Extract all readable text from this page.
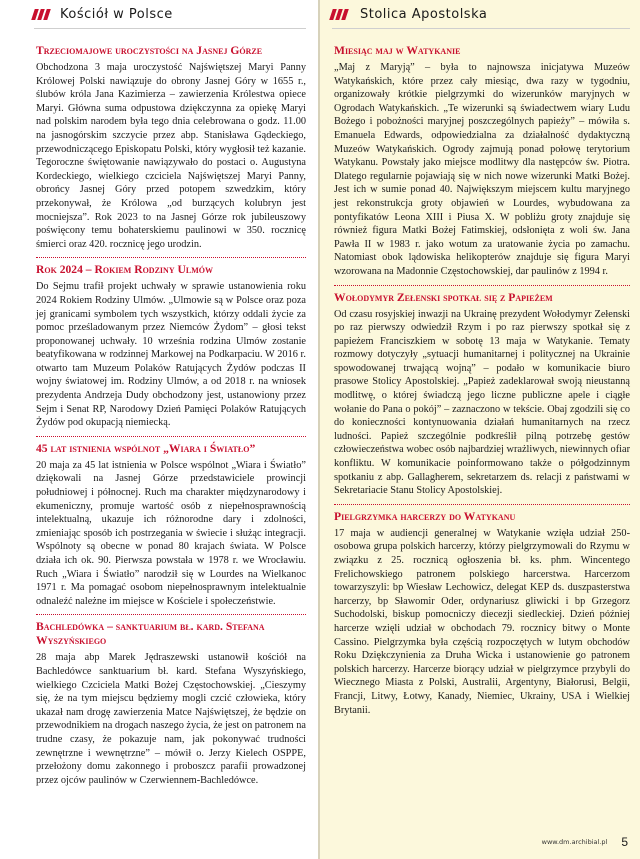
Kościół w Polsce
Trzeciomajowe uroczystości na Jasnej Górze
Obchodzona 3 maja uroczystość Najświętszej Maryi Panny Królowej Polski nawiązuje do obrony Jasnej Góry w 1655 r., ślubów króla Jana Kazimierza – zawierzenia Królestwa opiece Maryi. Główna suma odpustowa dziękczynna za opiekę Maryi nad polskim narodem była tego dnia celebrowana o godz. 11.00 na jasnogórskim szczycie przez abp. Stanisława Gądeckiego, przewodniczącego Episkopatu Polski, który wygłosił też kazanie. Tegoroczne świętowanie nawiązywało do postaci o. Augustyna Kordeckiego, wielkiego czciciela Najświętszej Maryi Panny, obrońcy Jasnej Góry przed potopem szwedzkim, który przekonywał, że Królowa „od burzących kolubryn jest mocniejsza”. Rok 2023 to na Jasnej Górze rok jubileuszowy poświęcony temu bohaterskiemu paulinowi w 350. rocznicę śmierci oraz 420. rocznicę jego urodzin.
Rok 2024 – Rokiem Rodziny Ulmów
Do Sejmu trafił projekt uchwały w sprawie ustanowienia roku 2024 Rokiem Rodziny Ulmów. „Ulmowie są w Polsce oraz poza jej granicami symbolem tych wszystkich, którzy oddali życie za pomoc prześladowanym przez Niemców Żydom” – głosi tekst proponowanej uchwały. 10 września rodzina Ulmów zostanie beatyfikowana w rodzinnej Markowej na Podkarpaciu. W 2016 r. otwarto tam Muzeum Polaków Ratujących Żydów podczas II wojny światowej im. Rodziny Ulmów, a od 2018 r. na wniosek prezydenta Andrzeja Dudy obchodzony jest, ustanowiony przez Sejm i Senat RP, Narodowy Dzień Pamięci Polaków Ratujących Żydów pod okupacją niemiecką.
45 lat istnienia wspólnot „Wiara i Światło”
20 maja za 45 lat istnienia w Polsce wspólnot „Wiara i Światło” dziękowali na Jasnej Górze przedstawiciele prowincji południowej i północnej. Ruch ma charakter międzynarodowy i ekumeniczny, promuje wartość osób z niepełnosprawnością intelektualną, ukazuje ich różnorodne dary i zdolności, zmieniając sposób ich postrzegania w świecie i służąc integracji. Wspólnoty są obecne w ponad 80 krajach świata. W Polsce działa ich ok. 90. Pierwsza powstała w 1978 r. we Wrocławiu. Ruch „Wiara i Światło” narodził się w Lourdes na Wielkanoc 1971 r. Ma pomagać osobom niepełnosprawnym intelektualnie odnaleźć należne im miejsce w Kościele i społeczeństwie.
Bachledówka – sanktuarium bł. kard. Stefana Wyszyńskiego
28 maja abp Marek Jędraszewski ustanowił kościół na Bachledówce sanktuarium bł. kard. Stefana Wyszyńskiego, wielkiego Czciciela Matki Bożej Częstochowskiej. „Cieszymy się, że na tym miejscu będziemy mogli czcić człowieka, który ukazał nam drogę zawierzenia Matce Najświętszej, że będzie on przewodnikiem na drogach naszego życia, że jest on patronem na trudne czasy, że pokazuje nam, jak pokonywać trudności zewnętrzne i wewnętrzne” – mówił o. Jerzy Kielech OSPPE, przełożony domu zakonnego i proboszcz parafii prowadzonej przez ojców paulinów w Czerwiennem-Bachledówce.
Stolica Apostolska
Miesiąc maj w Watykanie
„Maj z Maryją” – była to najnowsza inicjatywa Muzeów Watykańskich, które przez cały miesiąc, dwa razy w tygodniu, organizowały krótkie pielgrzymki do wizerunków maryjnych w Ogrodach Watykańskich. „Te wizerunki są świadectwem wiary Ludu Bożego i pobożności maryjnej poszczególnych papieży” – mówiła s. Emanuela Edwards, odpowiedzialna za działalność dydaktyczną Muzeów Watykańskich. Ogrody zajmują ponad połowę terytorium Watykanu. Powstały jako miejsce modlitwy dla następców św. Piotra. Dlatego regularnie pojawiają się w nich nowe wizerunki Matki Bożej. Jest ich w sumie ponad 40. Największym miejscem kultu maryjnego jest rekonstrukcja groty objawień w Lourdes, wybudowana za pontyfikatów Leona XIII i Piusa X. W pobliżu groty znajduje się również figura Matki Bożej Fatimskiej, odsłonięta z woli św. Jana Pawła II w 1983 r. jako wotum za uratowanie życia po zamachu. Natomiast obok lądowiska helikopterów znajduje się figura Maryi wzorowana na Madonnie Częstochowskiej, dar paulinów z 1994 r.
Wołodymyr Zełenski spotkał się z Papieżem
Od czasu rosyjskiej inwazji na Ukrainę prezydent Wołodymyr Zełenski po raz pierwszy odwiedził Rzym i po raz pierwszy spotkał się z papieżem Franciszkiem w sobotę 13 maja w Watykanie. Tematy rozmowy dotyczyły „sytuacji humanitarnej i politycznej na Ukrainie spowodowanej trwającą wojną” – podało w komunikacie biuro prasowe Stolicy Apostolskiej. „Papież zadeklarował swoją nieustanną modlitwę, o której świadczą jego liczne publiczne apele i ciągłe wołanie do Pana o pokój” – zaznaczono w tekście. Obaj zgodzili się co do konieczności kontynuowania działań humanitarnych na rzecz ludności. Papież szczególnie podkreślił pilną potrzebę gestów człowieczeństwa wobec osób najbardziej wrażliwych, niewinnych ofiar konfliktu. W komunikacie poinformowano także o półgodzinnym spotkaniu z abp. Gallagherem, sekretarzem ds. relacji z państwami w Sekretariacie Stanu Stolicy Apostolskiej.
Pielgrzymka harcerzy do Watykanu
17 maja w audiencji generalnej w Watykanie wzięła udział 250-osobowa grupa polskich harcerzy, którzy pielgrzymowali do Rzymu w związku z 25. rocznicą ogłoszenia bł. ks. phm. Wincentego Frelichowskiego patronem polskiego harcerstwa. Harcerzom towarzyszyli: bp Wiesław Lechowicz, delegat KEP ds. duszpasterstwa harcerzy, bp Sławomir Oder, ordynariusz gliwicki i bp Grzegorz Suchodolski, biskup pomocniczy diecezji siedleckiej. Dzień później harcerze wzięli udział w obchodach 79. rocznicy bitwy o Monte Cassino. Pielgrzymka była częścią rozpoczętych w lutym obchodów Roku Dziękczynienia za Druha Wicka i ustanowienie go patronem polskich harcerzy. Harcerze biorący udział w pielgrzymce przybyli do Wiecznego Miasta z Polski, Australii, Argentyny, Białorusi, Belgii, Francji, Litwy, Łotwy, Kanady, Niemiec, Ukrainy, USA i Wielkiej Brytanii.
www.dm.archibial.pl 5
